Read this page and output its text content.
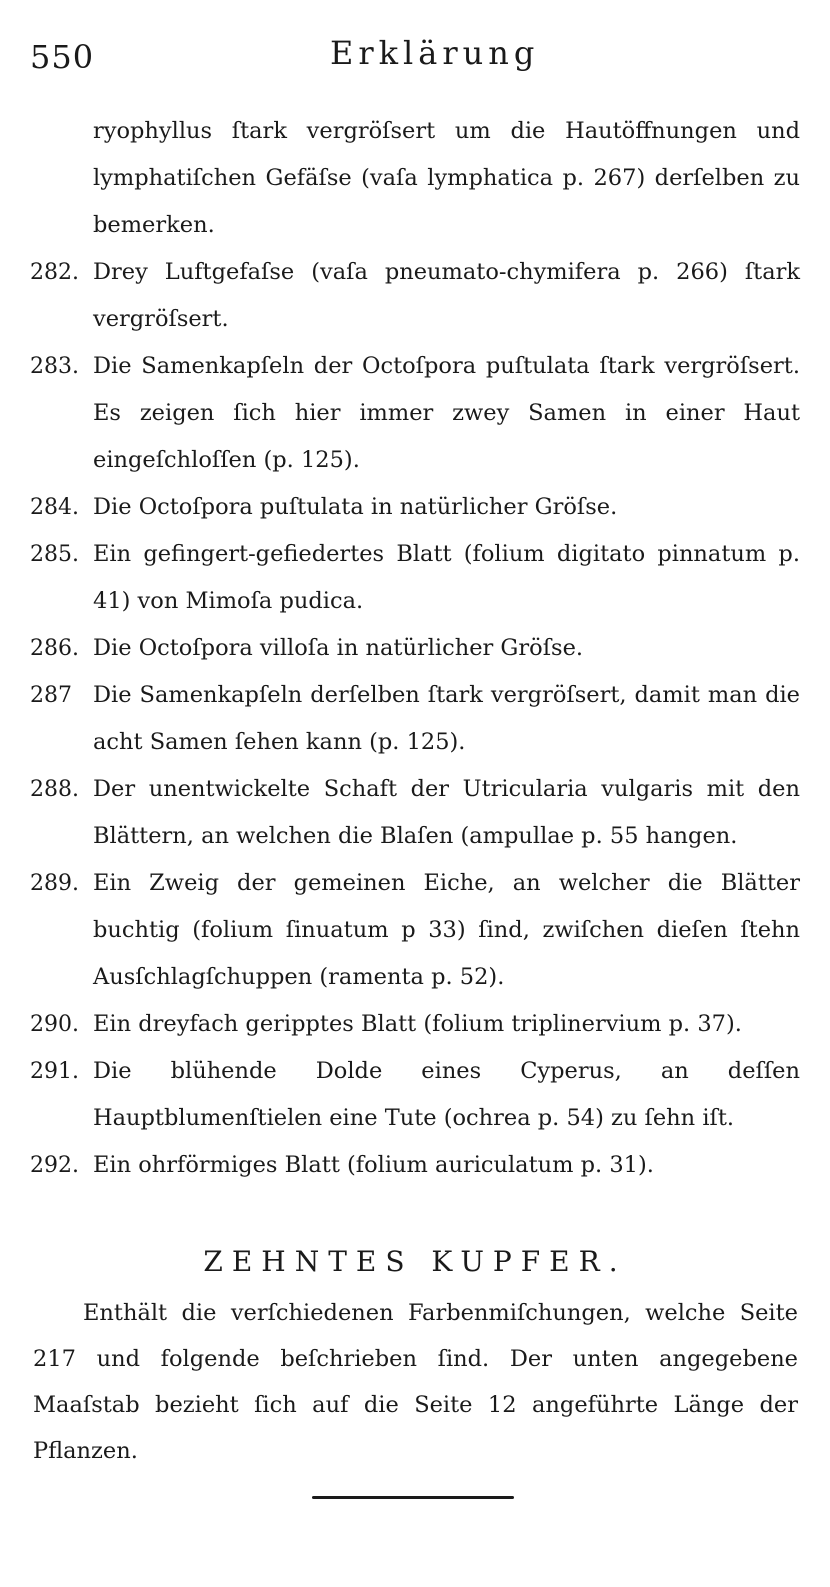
550	Erklärung
ryophyllus ſtark vergröſsert um die Hautöffnungen und lymphatiſchen Gefäſse (vaſa lymphatica p. 267) derſelben zu bemerken.
282. Drey Luftgefaſse (vaſa pneumato-chymifera p. 266) ſtark vergröſsert.
283. Die Samenkapſeln der Octoſpora puſtulata ſtark vergröſsert. Es zeigen ſich hier immer zwey Samen in einer Haut eingeſchloſſen (p. 125).
284. Die Octoſpora puſtulata in natürlicher Gröſse.
285. Ein gefingert-gefiedertes Blatt (folium digitato pinnatum p. 41) von Mimoſa pudica.
286. Die Octoſpora villoſa in natürlicher Gröſse.
287 Die Samenkapſeln derſelben ſtark vergröſsert, damit man die acht Samen ſehen kann (p. 125).
288. Der unentwickelte Schaft der Utricularia vulgaris mit den Blättern, an welchen die Blaſen (ampullae p. 55 hangen.
289. Ein Zweig der gemeinen Eiche, an welcher die Blätter buchtig (folium ſinuatum p 33) ſind, zwiſchen dieſen ſtehn Ausſchlagſchuppen (ramenta p. 52).
290. Ein dreyfach geripptes Blatt (folium triplinervium p. 37).
291. Die blühende Dolde eines Cyperus, an deſſen Hauptblumenſtielen eine Tute (ochrea p. 54) zu ſehn iſt.
292. Ein ohrförmiges Blatt (folium auriculatum p. 31).
ZEHNTES KUPFER.
Enthält die verſchiedenen Farbenmiſchungen, welche Seite 217 und folgende beſchrieben ſind. Der unten angegebene Maaſstab bezieht ſich auf die Seite 12 angeführte Länge der Pflanzen.
